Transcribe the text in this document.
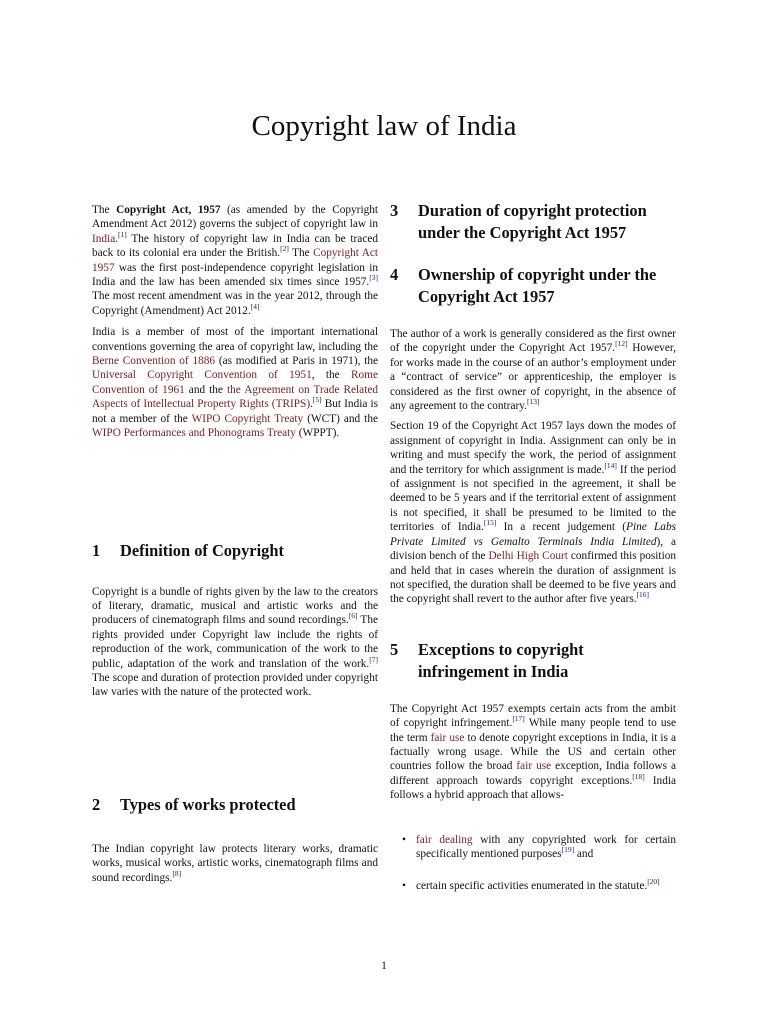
Copyright law of India

The Copyright Act, 1957 (as amended by the Copyright Amendment Act 2012) governs the subject of copyright law in India.[1] The history of copyright law in India can be traced back to its colonial era under the British.[2] The Copyright Act 1957 was the first post-independence copyright legislation in India and the law has been amended six times since 1957.[3] The most recent amendment was in the year 2012, through the Copyright (Amendment) Act 2012.[4]

India is a member of most of the important international conventions governing the area of copyright law, including the Berne Convention of 1886 (as modified at Paris in 1971), the Universal Copyright Convention of 1951, the Rome Convention of 1961 and the the Agreement on Trade Related Aspects of Intellectual Property Rights (TRIPS).[5] But India is not a member of the WIPO Copyright Treaty (WCT) and the WIPO Performances and Phonograms Treaty (WPPT).

1	Definition of Copyright

Copyright is a bundle of rights given by the law to the creators of literary, dramatic, musical and artistic works and the producers of cinematograph films and sound recordings.[6] The rights provided under Copyright law include the rights of reproduction of the work, communication of the work to the public, adaptation of the work and translation of the work.[7] The scope and duration of protection provided under copyright law varies with the nature of the protected work.

2	Types of works protected

The Indian copyright law protects literary works, dramatic works, musical works, artistic works, cinematograph films and sound recordings.[8]

3	Duration of copyright protection under the Copyright Act 1957
4	Ownership of copyright under the Copyright Act 1957

The author of a work is generally considered as the first owner of the copyright under the Copyright Act 1957.[12] However, for works made in the course of an author’s employment under a “contract of service” or apprenticeship, the employer is considered as the first owner of copyright, in the absence of any agreement to the contrary.[13]

Section 19 of the Copyright Act 1957 lays down the modes of assignment of copyright in India. Assignment can only be in writing and must specify the work, the period of assignment and the territory for which assignment is made.[14] If the period of assignment is not specified in the agreement, it shall be deemed to be 5 years and if the territorial extent of assignment is not specified, it shall be presumed to be limited to the territories of India.[15] In a recent judgement (Pine Labs Private Limited vs Gemalto Terminals India Limited), a division bench of the Delhi High Court confirmed this position and held that in cases wherein the duration of assignment is not specified, the duration shall be deemed to be five years and the copyright shall revert to the author after five years.[16]

5	Exceptions to copyright infringement in India

The Copyright Act 1957 exempts certain acts from the ambit of copyright infringement.[17] While many people tend to use the term fair use to denote copyright exceptions in India, it is a factually wrong usage. While the US and certain other countries follow the broad fair use exception, India follows a different approach towards copyright exceptions.[18] India follows a hybrid approach that allows-

• fair dealing with any copyrighted work for certain specifically mentioned purposes[19] and
• certain specific activities enumerated in the statute.[20]
1
